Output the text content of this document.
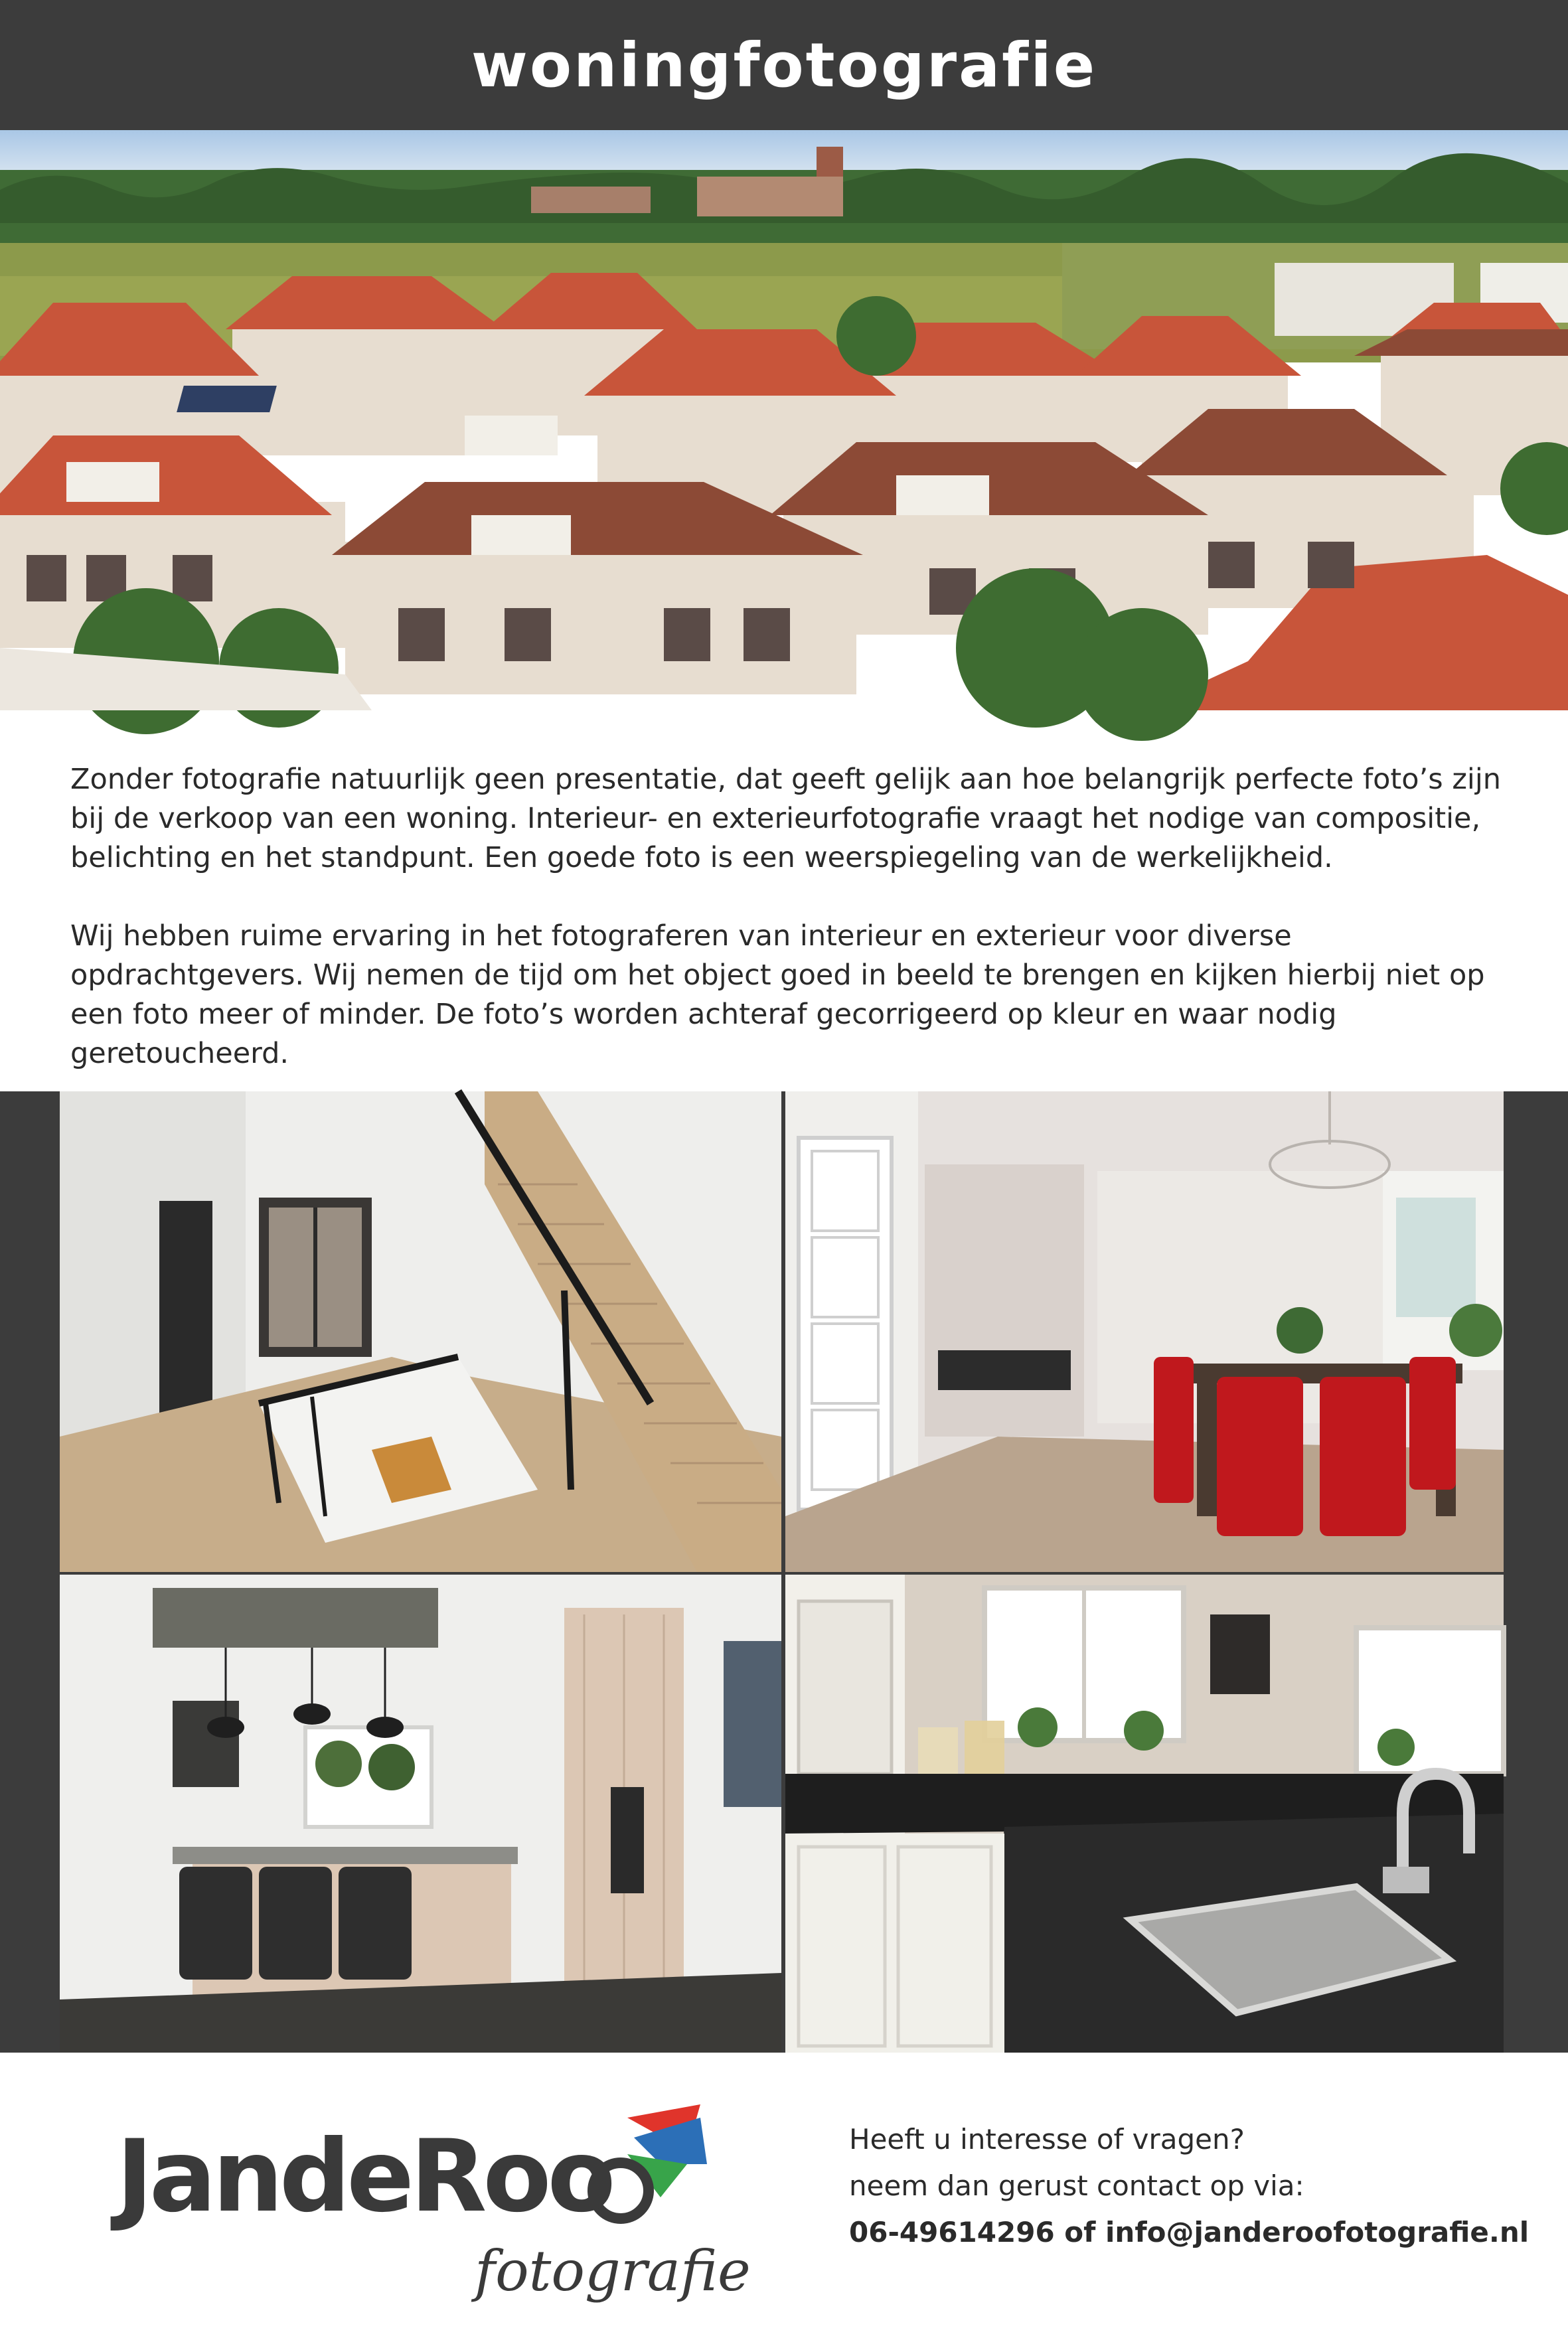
woningfotografie

Zonder fotografie natuurlijk geen presentatie, dat geeft gelijk aan hoe belangrijk perfecte foto’s zijn bij de verkoop van een woning. Interieur- en exterieurfotografie vraagt het nodige van compositie, belichting en het standpunt. Een goede foto is een weerspiegeling van de werkelijkheid.

Wij hebben ruime ervaring in het fotograferen van interieur en exterieur voor diverse opdrachtgevers. Wij nemen de tijd om het object goed in beeld te brengen en kijken hierbij niet op een foto meer of minder. De foto’s worden achteraf gecorrigeerd op kleur en waar nodig geretoucheerd.

JandeRoo
fotografie
Heeft u interesse of vragen?
neem dan gerust contact op via:
06-49614296 of info@janderoofotografie.nl
